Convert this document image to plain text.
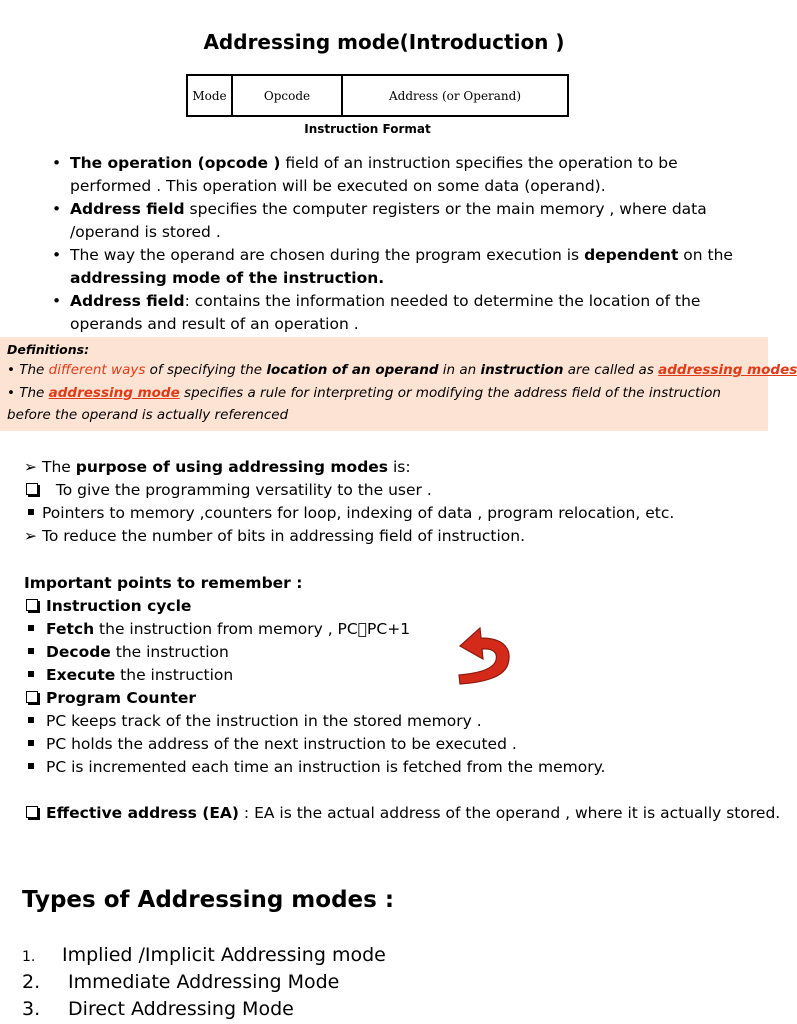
Addressing mode(Introduction )
Mode	Opcode	Address (or Operand)
Instruction Format
• The operation (opcode ) field of an instruction specifies the operation to be performed . This operation will be executed on some data (operand).
• Address field specifies the computer registers or the main memory , where data /operand is stored .
• The way the operand are chosen during the program execution is dependent on the addressing mode of the instruction.
• Address field: contains the information needed to determine the location of the operands and result of an operation .
Definitions:
• The different ways of specifying the location of an operand in an instruction are called as addressing modes
• The addressing mode specifies a rule for interpreting or modifying the address field of the instruction
before the operand is actually referenced
➢ The purpose of using addressing modes is:
To give the programming versatility to the user .
Pointers to memory ,counters for loop, indexing of data , program relocation, etc.
➢ To reduce the number of bits in addressing field of instruction.
Important points to remember :
Instruction cycle
Fetch the instruction from memory , PC PC+1
Decode the instruction
Execute the instruction
Program Counter
PC keeps track of the instruction in the stored memory .
PC holds the address of the next instruction to be executed .
PC is incremented each time an instruction is fetched from the memory.
Effective address (EA) : EA is the actual address of the operand , where it is actually stored.
Types of Addressing modes :
1. Implied /Implicit Addressing mode
2. Immediate Addressing Mode
3. Direct Addressing Mode
